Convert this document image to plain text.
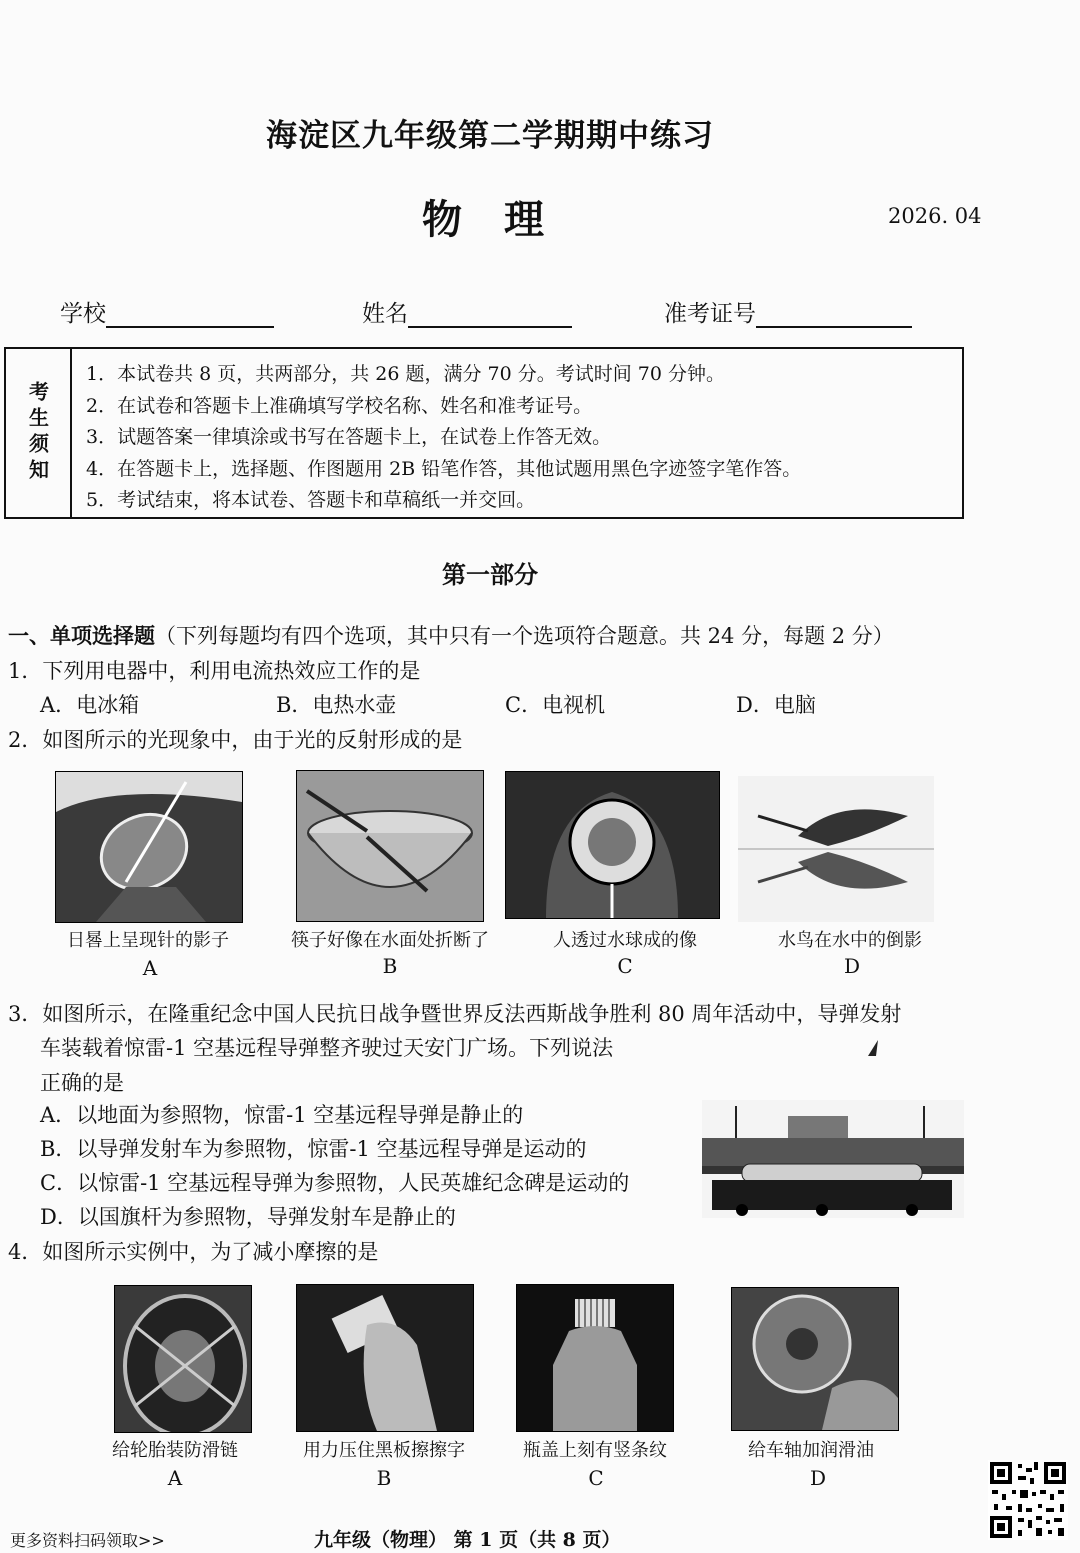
海淀区九年级第二学期期中练习
物 理	2026. 04
学校	姓名	准考证号
考生须知
1．本试卷共 8 页，共两部分，共 26 题，满分 70 分。考试时间 70 分钟。
2．在试卷和答题卡上准确填写学校名称、姓名和准考证号。
3．试题答案一律填涂或书写在答题卡上，在试卷上作答无效。
4．在答题卡上，选择题、作图题用 2B 铅笔作答，其他试题用黑色字迹签字笔作答。
5．考试结束，将本试卷、答题卡和草稿纸一并交回。
第一部分
一、单项选择题（下列每题均有四个选项，其中只有一个选项符合题意。共 24 分，每题 2 分）
1．下列用电器中，利用电流热效应工作的是
A．电冰箱	B．电热水壶	C．电视机	D．电脑
2．如图所示的光现象中，由于光的反射形成的是
日晷上呈现针的影子	筷子好像在水面处折断了	人透过水球成的像	水鸟在水中的倒影
A	B	C	D
3．如图所示，在隆重纪念中国人民抗日战争暨世界反法西斯战争胜利 80 周年活动中，导弹发射
车装载着惊雷-1 空基远程导弹整齐驶过天安门广场。下列说法
正确的是
A．以地面为参照物，惊雷-1 空基远程导弹是静止的
B．以导弹发射车为参照物，惊雷-1 空基远程导弹是运动的
C．以惊雷-1 空基远程导弹为参照物，人民英雄纪念碑是运动的
D．以国旗杆为参照物，导弹发射车是静止的
4．如图所示实例中，为了减小摩擦的是
给轮胎装防滑链	用力压住黑板擦擦字	瓶盖上刻有竖条纹	给车轴加润滑油
A	B	C	D
更多资料扫码领取>>	九年级（物理） 第 1 页（共 8 页）
